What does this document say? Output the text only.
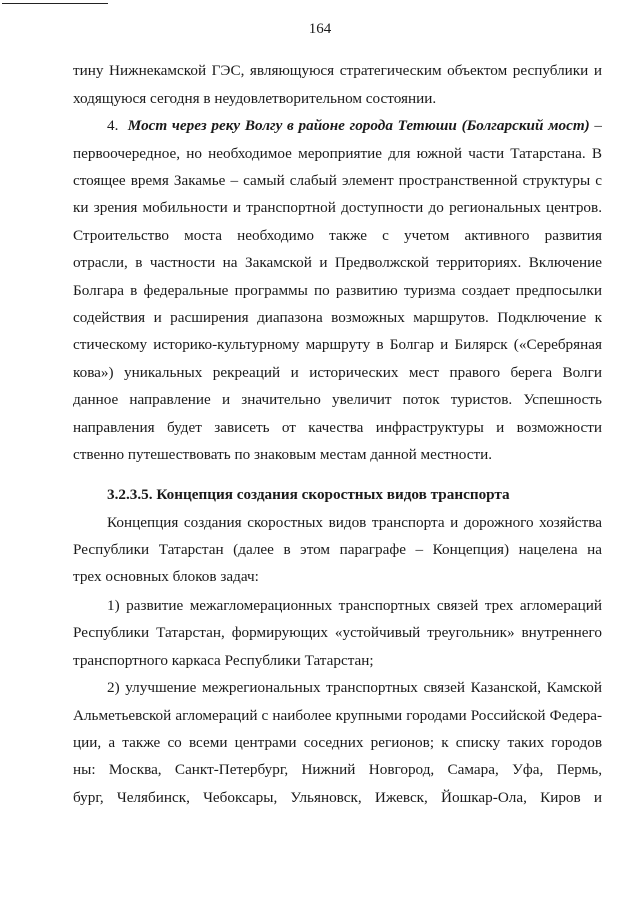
164
тину Нижнекамской ГЭС, являющуюся стратегическим объектом республики и
ходящуюся сегодня в неудовлетворительном состоянии.
4. Мост через реку Волгу в районе города Тетюши (Болгарский мост) –
первоочередное, но необходимое мероприятие для южной части Татарстана. В
стоящее время Закамье – самый слабый элемент пространственной структуры с
ки зрения мобильности и транспортной доступности до региональных центров.
Строительство моста необходимо также с учетом активного развития
отрасли, в частности на Закамской и Предволжской территориях. Включение
Болгара в федеральные программы по развитию туризма создает предпосылки
содействия и расширения диапазона возможных маршрутов. Подключение к
стическому историко-культурному маршруту в Болгар и Билярск («Серебряная
кова») уникальных рекреаций и исторических мест правого берега Волги
данное направление и значительно увеличит поток туристов. Успешность
направления будет зависеть от качества инфраструктуры и возможности
ственно путешествовать по знаковым местам данной местности.
3.2.3.5. Концепция создания скоростных видов транспорта
Концепция создания скоростных видов транспорта и дорожного хозяйства
Республики Татарстан (далее в этом параграфе – Концепция) нацелена на
трех основных блоков задач:
1) развитие межагломерационных транспортных связей трех агломераций
Республики Татарстан, формирующих «устойчивый треугольник» внутреннего
транспортного каркаса Республики Татарстан;
2) улучшение межрегиональных транспортных связей Казанской, Камской
Альметьевской агломераций с наиболее крупными городами Российской Федера-
ции, а также со всеми центрами соседних регионов; к списку таких городов
ны: Москва, Санкт-Петербург, Нижний Новгород, Самара, Уфа, Пермь,
бург, Челябинск, Чебоксары, Ульяновск, Ижевск, Йошкар-Ола, Киров и
